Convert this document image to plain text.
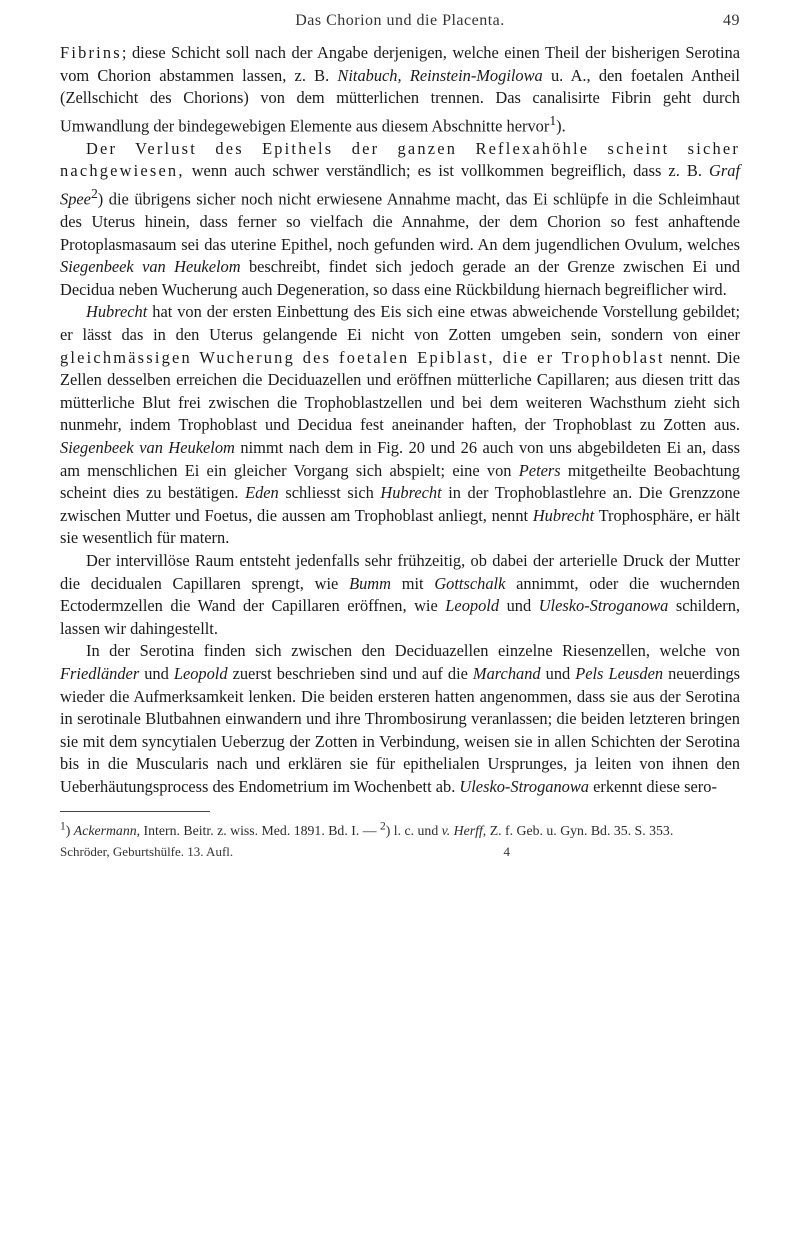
Das Chorion und die Placenta.	49

Fibrins; diese Schicht soll nach der Angabe derjenigen, welche einen Theil der bisherigen Serotina vom Chorion abstammen lassen, z. B. Nitabuch, Reinstein-Mogilowa u. A., den foetalen Antheil (Zellschicht des Chorions) von dem mütterlichen trennen. Das canalisirte Fibrin geht durch Umwandlung der bindegewebigen Elemente aus diesem Abschnitte hervor$^1$).

Der Verlust des Epithels der ganzen Reflexahöhle scheint sicher nachgewiesen, wenn auch schwer verständlich; es ist vollkommen begreiflich, dass z. B. Graf Spee$^2$) die übrigens sicher noch nicht erwiesene Annahme macht, das Ei schlüpfe in die Schleimhaut des Uterus hinein, dass ferner so vielfach die Annahme, der dem Chorion so fest anhaftende Protoplasmasaum sei das uterine Epithel, noch gefunden wird. An dem jugendlichen Ovulum, welches Siegenbeek van Heukelom beschreibt, findet sich jedoch gerade an der Grenze zwischen Ei und Decidua neben Wucherung auch Degeneration, so dass eine Rückbildung hiernach begreiflicher wird.

Hubrecht hat von der ersten Einbettung des Eis sich eine etwas abweichende Vorstellung gebildet; er lässt das in den Uterus gelangende Ei nicht von Zotten umgeben sein, sondern von einer gleichmässigen Wucherung des foetalen Epiblast, die er Trophoblast nennt. Die Zellen desselben erreichen die Deciduazellen und eröffnen mütterliche Capillaren; aus diesen tritt das mütterliche Blut frei zwischen die Trophoblastzellen und bei dem weiteren Wachsthum zieht sich nunmehr, indem Trophoblast und Decidua fest aneinander haften, der Trophoblast zu Zotten aus. Siegenbeek van Heukelom nimmt nach dem in Fig. 20 und 26 auch von uns abgebildeten Ei an, dass am menschlichen Ei ein gleicher Vorgang sich abspielt; eine von Peters mitgetheilte Beobachtung scheint dies zu bestätigen. Eden schliesst sich Hubrecht in der Trophoblastlehre an. Die Grenzzone zwischen Mutter und Foetus, die aussen am Trophoblast anliegt, nennt Hubrecht Trophosphäre, er hält sie wesentlich für matern.

Der intervillöse Raum entsteht jedenfalls sehr frühzeitig, ob dabei der arterielle Druck der Mutter die decidualen Capillaren sprengt, wie Bumm mit Gottschalk annimmt, oder die wuchernden Ectodermzellen die Wand der Capillaren eröffnen, wie Leopold und Ulesko-Stroganowa schildern, lassen wir dahingestellt.

In der Serotina finden sich zwischen den Deciduazellen einzelne Riesenzellen, welche von Friedländer und Leopold zuerst beschrieben sind und auf die Marchand und Pels Leusden neuerdings wieder die Aufmerksamkeit lenken. Die beiden ersteren hatten angenommen, dass sie aus der Serotina in serotinale Blutbahnen einwandern und ihre Thrombosirung veranlassen; die beiden letzteren bringen sie mit dem syncytialen Ueberzug der Zotten in Verbindung, weisen sie in allen Schichten der Serotina bis in die Muscularis nach und erklären sie für epithelialen Ursprunges, ja leiten von ihnen den Ueberhäutungsprocess des Endometrium im Wochenbett ab. Ulesko-Stroganowa erkennt diese sero-

$^1$) Ackermann, Intern. Beitr. z. wiss. Med. 1891. Bd. I. — $^2$) l. c. und v. Herff, Z. f. Geb. u. Gyn. Bd. 35. S. 353.
Schröder, Geburtshülfe. 13. Aufl.	4
